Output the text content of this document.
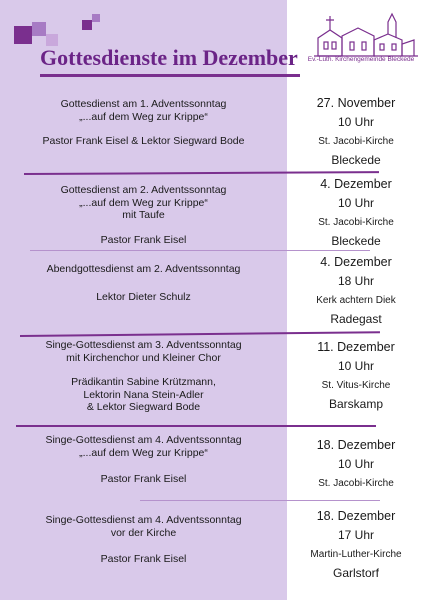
Gottesdienste im Dezember	Ev.-Luth. Kirchengemeinde Bleckede
Gottesdienst am 1. Adventssonntag
„...auf dem Weg zur Krippe“
Pastor Frank Eisel & Lektor Siegward Bode
27. November
10 Uhr
St. Jacobi-Kirche
Bleckede
Gottesdienst am 2. Adventssonntag
„...auf dem Weg zur Krippe“
mit Taufe
Pastor Frank Eisel
4. Dezember
10 Uhr
St. Jacobi-Kirche
Bleckede
Abendgottesdienst am 2. Adventssonntag
Lektor Dieter Schulz
4. Dezember
18 Uhr
Kerk achtern Diek
Radegast
Singe-Gottesdienst am 3. Adventssonntag
mit Kirchenchor und Kleiner Chor
Prädikantin Sabine Krützmann,
Lektorin Nana Stein-Adler
& Lektor Siegward Bode
11. Dezember
10 Uhr
St. Vitus-Kirche
Barskamp
Singe-Gottesdienst am 4. Adventssonntag
„...auf dem Weg zur Krippe“
Pastor Frank Eisel
18. Dezember
10 Uhr
St. Jacobi-Kirche
Singe-Gottesdienst am 4. Adventssonntag
vor der Kirche
Pastor Frank Eisel
18. Dezember
17 Uhr
Martin-Luther-Kirche
Garlstorf
